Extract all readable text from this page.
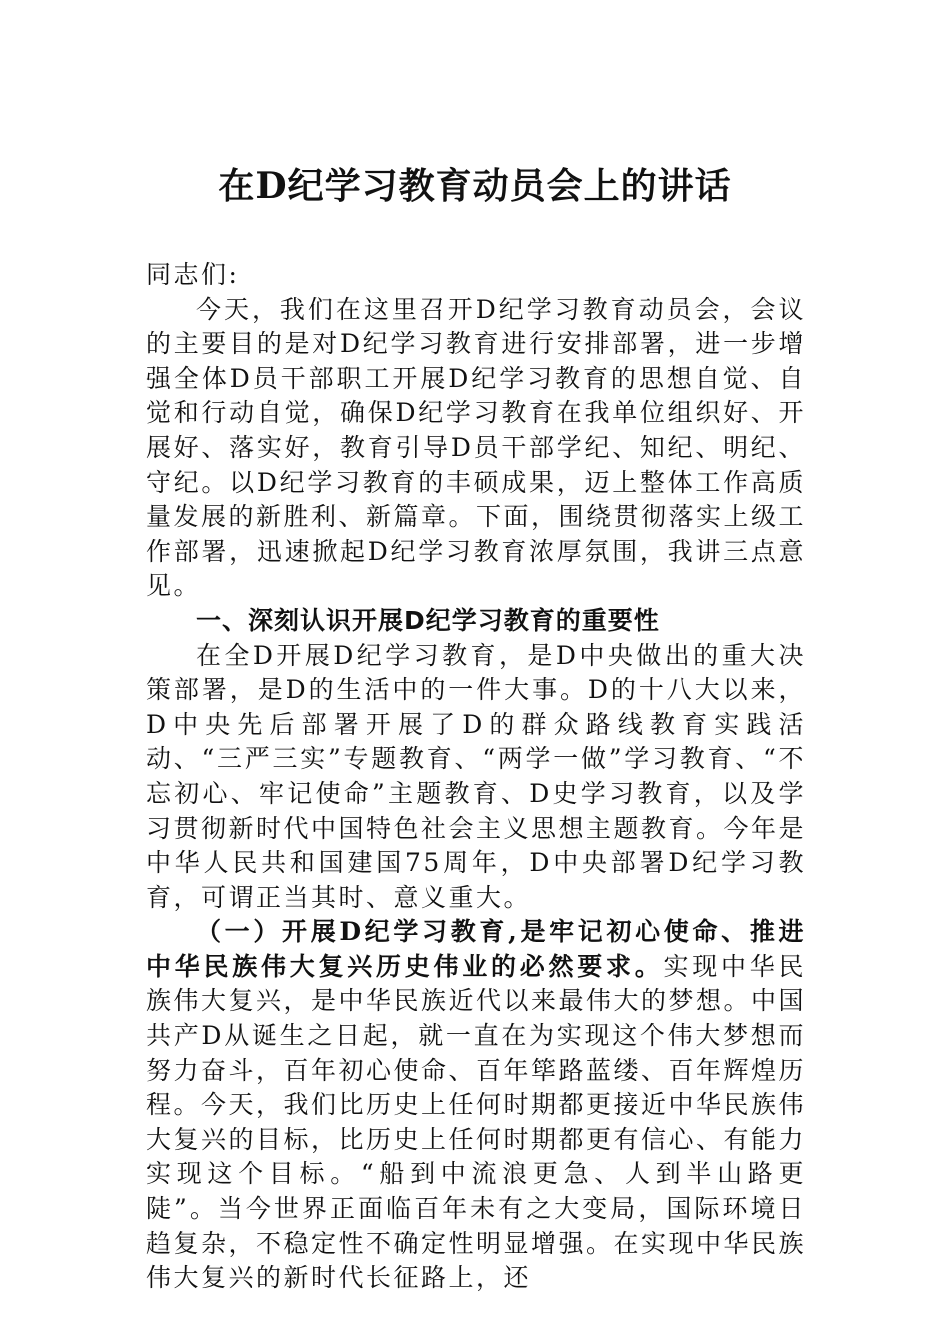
在D纪学习教育动员会上的讲话

同志们:

今天，我们在这里召开D纪学习教育动员会，会议的主要目的是对D纪学习教育进行安排部署，进一步增强全体D员干部职工开展D纪学习教育的思想自觉、自觉和行动自觉，确保D纪学习教育在我单位组织好、开展好、落实好，教育引导D员干部学纪、知纪、明纪、守纪。以D纪学习教育的丰硕成果，迈上整体工作高质量发展的新胜利、新篇章。下面，围绕贯彻落实上级工作部署，迅速掀起D纪学习教育浓厚氛围，我讲三点意见。

一、深刻认识开展D纪学习教育的重要性

在全D开展D纪学习教育，是D中央做出的重大决策部署，是D的生活中的一件大事。D的十八大以来，D中央先后部署开展了D的群众路线教育实践活动、“三严三实”专题教育、“两学一做”学习教育、“不忘初心、牢记使命”主题教育、D史学习教育，以及学习贯彻新时代中国特色社会主义思想主题教育。今年是中华人民共和国建国75周年，D中央部署D纪学习教育，可谓正当其时、意义重大。

（一）开展D纪学习教育,是牢记初心使命、推进中华民族伟大复兴历史伟业的必然要求。实现中华民族伟大复兴，是中华民族近代以来最伟大的梦想。中国共产D从诞生之日起，就一直在为实现这个伟大梦想而努力奋斗，百年初心使命、百年筚路蓝缕、百年辉煌历程。今天，我们比历史上任何时期都更接近中华民族伟大复兴的目标，比历史上任何时期都更有信心、有能力实现这个目标。“船到中流浪更急、人到半山路更陡”。当今世界正面临百年未有之大变局，国际环境日趋复杂，不稳定性不确定性明显增强。在实现中华民族伟大复兴的新时代长征路上，还
